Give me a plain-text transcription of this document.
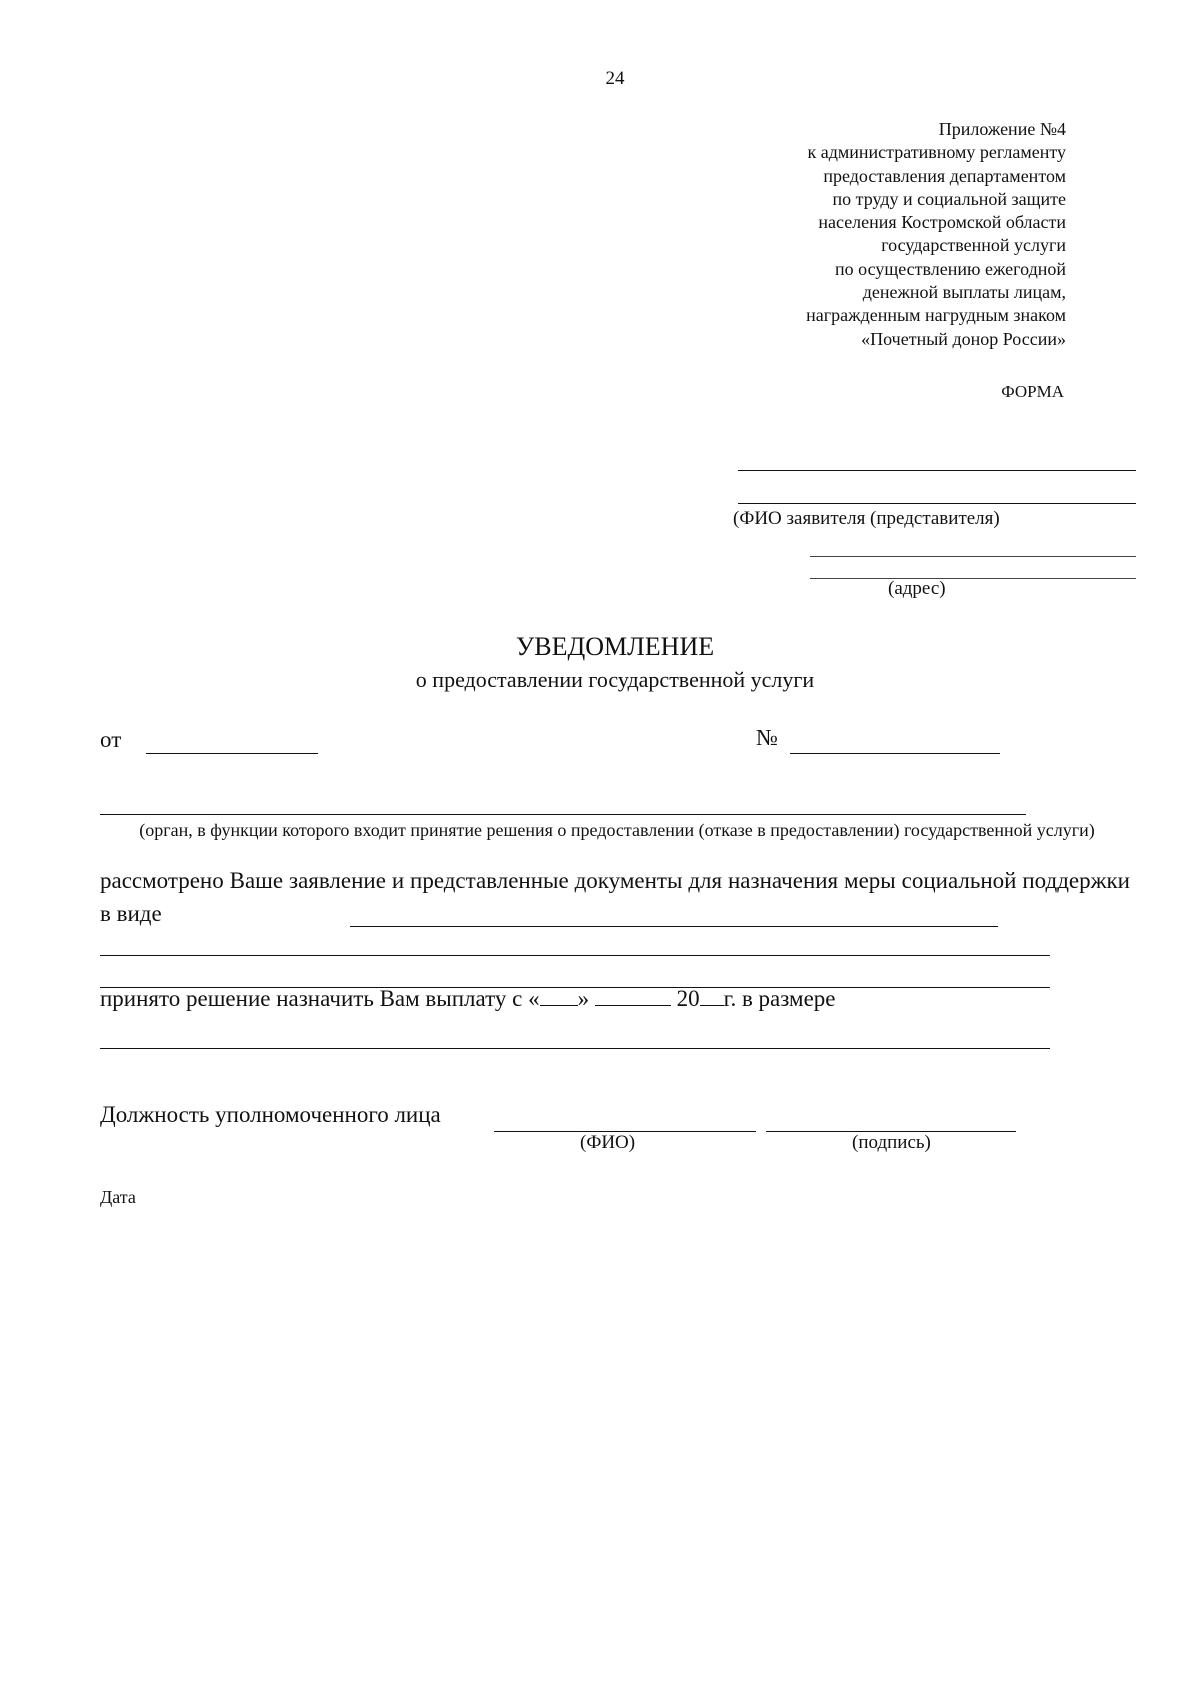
24
Приложение №4
к административному регламенту
предоставления департаментом
по труду и социальной защите
населения Костромской области
государственной услуги
по осуществлению ежегодной
денежной выплаты лицам,
награжденным нагрудным знаком
«Почетный донор России»
ФОРМА
(ФИО заявителя (представителя)
(адрес)
УВЕДОМЛЕНИЕ
о предоставлении государственной услуги
от	№
(орган, в функции которого входит принятие решения о предоставлении (отказе в предоставлении) государственной услуги)
рассмотрено Ваше заявление и представленные документы для назначения меры социальной поддержки в виде
принято решение назначить Вам выплату с « »	20г. в размере
Должность уполномоченного лица
(ФИО)	(подпись)
Дата
